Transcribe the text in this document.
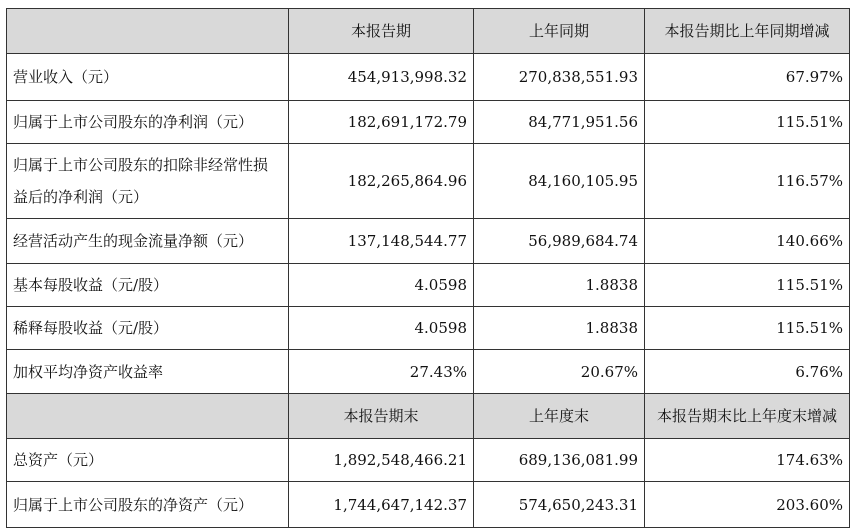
	本报告期	上年同期	本报告期比上年同期增减
营业收入（元）	454,913,998.32	270,838,551.93	67.97%
归属于上市公司股东的净利润（元）	182,691,172.79	84,771,951.56	115.51%
归属于上市公司股东的扣除非经常性损益后的净利润（元）	182,265,864.96	84,160,105.95	116.57%
经营活动产生的现金流量净额（元）	137,148,544.77	56,989,684.74	140.66%
基本每股收益（元/股）	4.0598	1.8838	115.51%
稀释每股收益（元/股）	4.0598	1.8838	115.51%
加权平均净资产收益率	27.43%	20.67%	6.76%
	本报告期末	上年度末	本报告期末比上年度末增减
总资产（元）	1,892,548,466.21	689,136,081.99	174.63%
归属于上市公司股东的净资产（元）	1,744,647,142.37	574,650,243.31	203.60%
